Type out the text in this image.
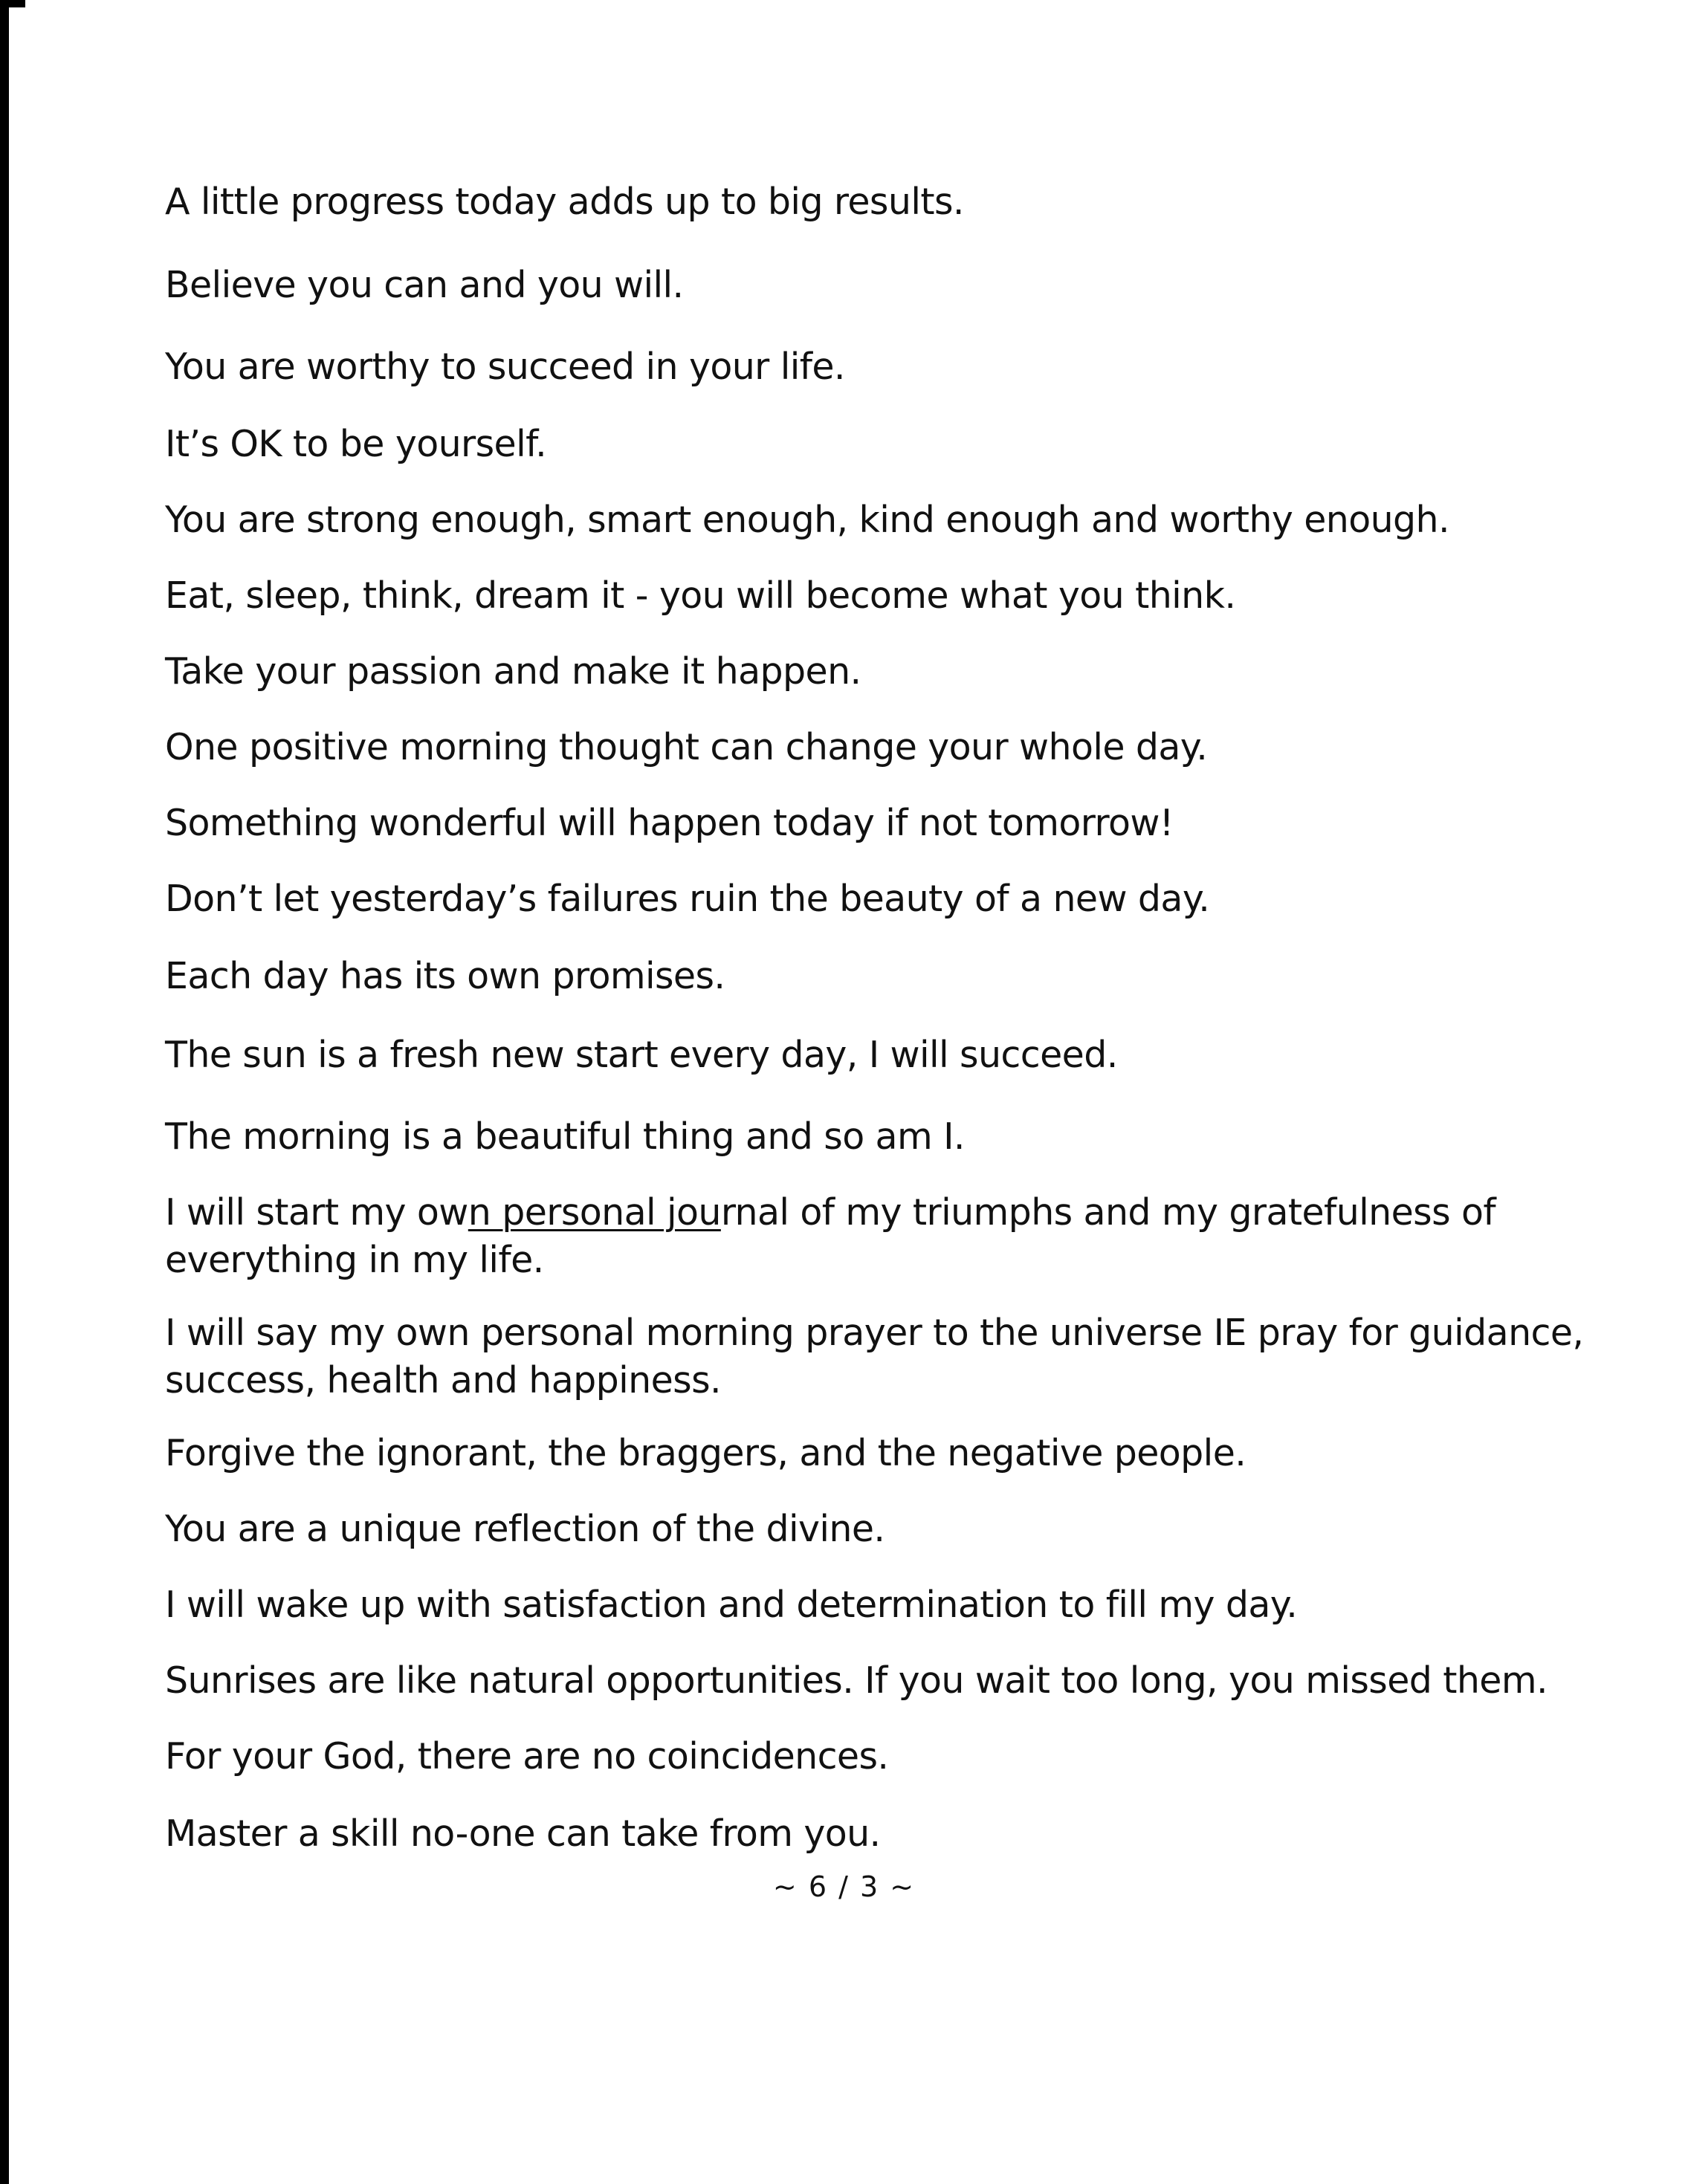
A little progress today adds up to big results.
Believe you can and you will.
You are worthy to succeed in your life.
It’s OK to be yourself.
You are strong enough, smart enough, kind enough and worthy enough.
Eat, sleep, think, dream it - you will become what you think.
Take your passion and make it happen.
One positive morning thought can change your whole day.
Something wonderful will happen today if not tomorrow!
Don’t let yesterday’s failures ruin the beauty of a new day.
Each day has its own promises.
The sun is a fresh new start every day, I will succeed.
The morning is a beautiful thing and so am I.
I will start my own personal journal of my triumphs and my gratefulness of everything in my life.
I will say my own personal morning prayer to the universe IE pray for guidance, success, health and happiness.
Forgive the ignorant, the braggers, and the negative people.
You are a unique reflection of the divine.
I will wake up with satisfaction and determination to fill my day.
Sunrises are like natural opportunities. If you wait too long, you missed them.
For your God, there are no coincidences.
Master a skill no-one can take from you.
~ 6 / 3 ~
